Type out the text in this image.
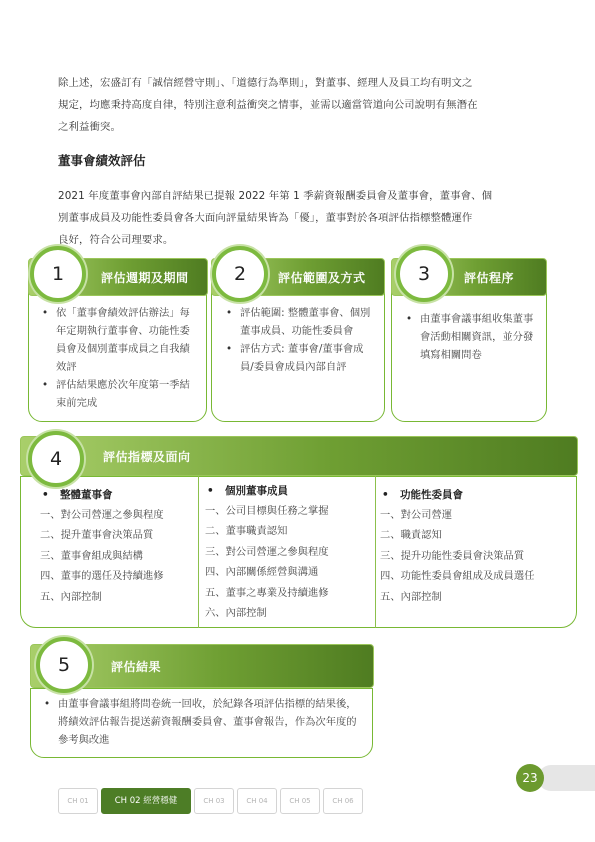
除上述，宏盛訂有「誠信經營守則」、「道德行為準則」，對董事、經理人及員工均有明文之
規定，均應秉持高度自律，特別注意利益衝突之情事，並需以適當管道向公司說明有無潛在
之利益衝突。
董事會績效評估
2021 年度董事會內部自評結果已提報 2022 年第 1 季薪資報酬委員會及董事會，董事會、個
別董事成員及功能性委員會各大面向評量結果皆為「優」，董事對於各項評估指標整體運作
良好，符合公司理要求。
評估週期及期間
1
• 依「董事會績效評估辦法」每年定期執行董事會、功能性委員會及個別董事成員之自我績效評
• 評估結果應於次年度第一季結束前完成
評估範圍及方式
2
• 評估範圍: 整體董事會、個別董事成員、功能性委員會
• 評估方式: 董事會/董事會成員/委員會成員內部自評
評估程序
3
• 由董事會議事組收集董事會活動相關資訊，並分發填寫相關問卷
評估指標及面向
4
• 整體董事會
一、對公司營運之參與程度
二、提升董事會決策品質
三、董事會組成與結構
四、董事的選任及持續進修
五、內部控制
• 個別董事成員
一、公司目標與任務之掌握
二、董事職責認知
三、對公司營運之參與程度
四、內部關係經營與溝通
五、董事之專業及持續進修
六、內部控制
• 功能性委員會
一、對公司營運
二、職責認知
三、提升功能性委員會決策品質
四、功能性委員會組成及成員選任
五、內部控制
評估結果
5
• 由董事會議事組將問卷統一回收，於紀錄各項評估指標的結果後，將績效評估報告提送薪資報酬委員會、董事會報告，作為次年度的參考與改進
23
CH 01	CH 02 經營穩健	CH 03	CH 04	CH 05	CH 06
